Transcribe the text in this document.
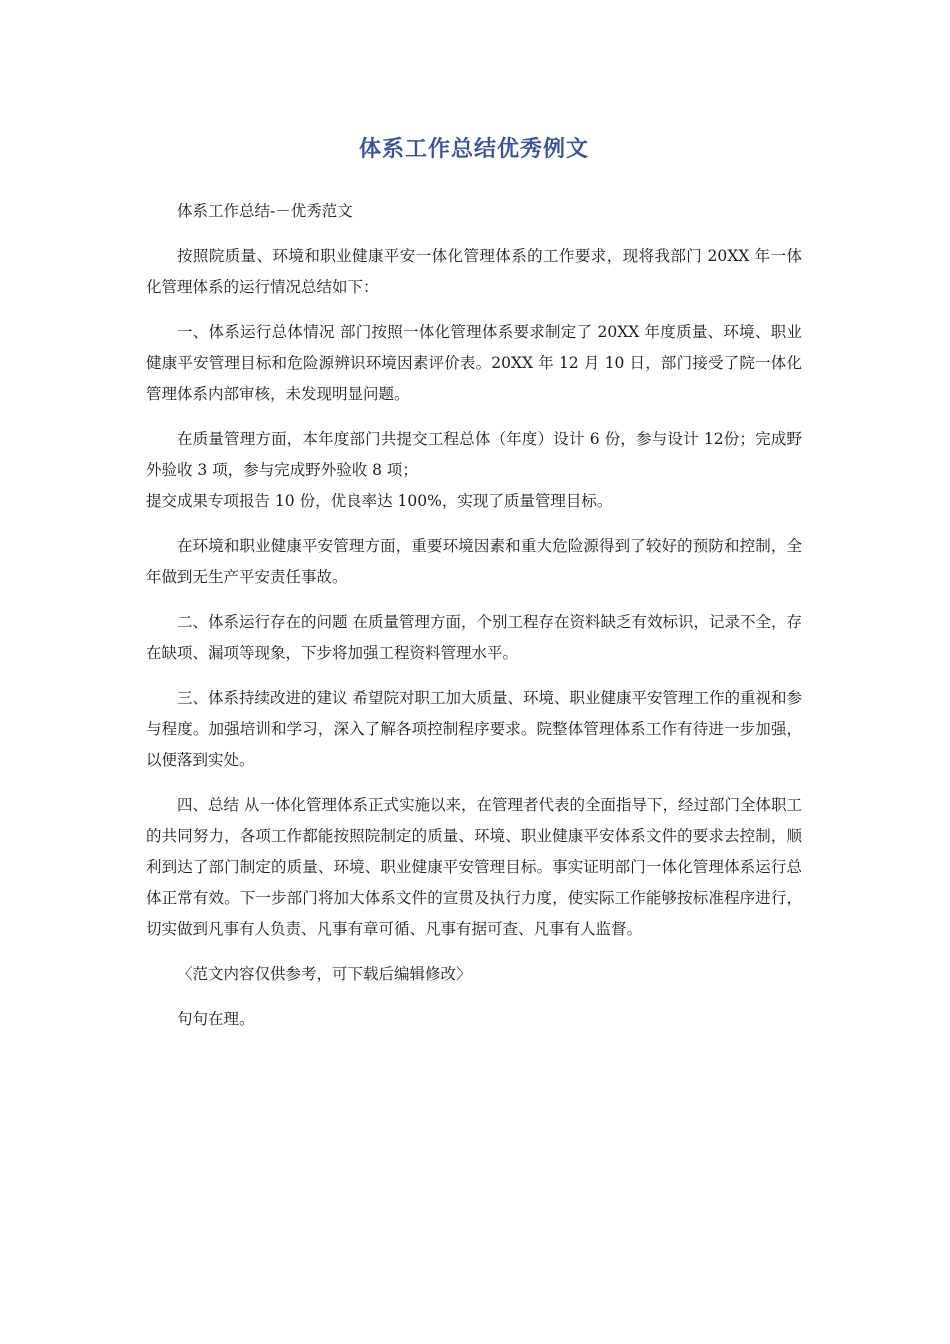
体系工作总结优秀例文

体系工作总结-－优秀范文

按照院质量、环境和职业健康平安一体化管理体系的工作要求，现将我部门 20XX 年一体化管理体系的运行情况总结如下：

一、体系运行总体情况 部门按照一体化管理体系要求制定了 20XX 年度质量、环境、职业健康平安管理目标和危险源辨识环境因素评价表。20XX 年 12 月 10 日，部门接受了院一体化管理体系内部审核，未发现明显问题。

在质量管理方面，本年度部门共提交工程总体（年度）设计 6 份，参与设计 12份；完成野外验收 3 项，参与完成野外验收 8 项；

提交成果专项报告 10 份，优良率达 100%，实现了质量管理目标。

在环境和职业健康平安管理方面，重要环境因素和重大危险源得到了较好的预防和控制，全年做到无生产平安责任事故。

二、体系运行存在的问题 在质量管理方面，个别工程存在资料缺乏有效标识，记录不全，存在缺项、漏项等现象，下步将加强工程资料管理水平。

三、体系持续改进的建议 希望院对职工加大质量、环境、职业健康平安管理工作的重视和参与程度。加强培训和学习，深入了解各项控制程序要求。院整体管理体系工作有待进一步加强，以便落到实处。

四、总结 从一体化管理体系正式实施以来，在管理者代表的全面指导下，经过部门全体职工的共同努力，各项工作都能按照院制定的质量、环境、职业健康平安体系文件的要求去控制，顺利到达了部门制定的质量、环境、职业健康平安管理目标。事实证明部门一体化管理体系运行总体正常有效。下一步部门将加大体系文件的宣贯及执行力度，使实际工作能够按标准程序进行，切实做到凡事有人负责、凡事有章可循、凡事有据可查、凡事有人监督。

〈范文内容仅供参考，可下载后编辑修改〉

句句在理。
